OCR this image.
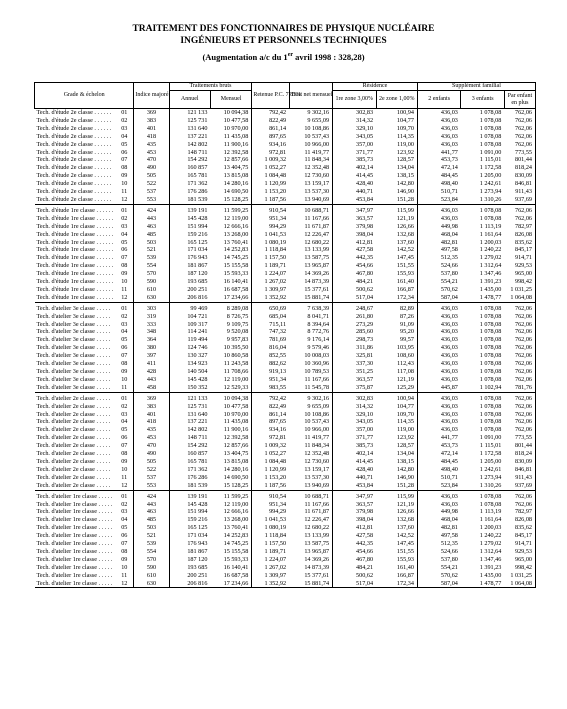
TRAITEMENT DES FONCTIONNAIRES DE PHYSIQUE NUCLÉAIRE
INGÉNIEURS ET PERSONNELS TECHNIQUES
(Augmentation a/c du 1er avril 1998 : 328,28)
Grade & échelon		Indice majoré	Traitements bruts		Retenue P.C. 7,85%	Trait net mensuel	Résidence		Supplément familial		
			Annuel	Mensuel			1re zone 3,00%	2e zone 1,00%	2 enfants	3 enfants	Par enfant en plus
Tech. d'étude 2e classe . . . . . .	01	369	121 133	10 094,38	792,42	9 302,16	302,83	100,94	436,03	1 078,08	762,06
Tech. d'étude 2e classe . . . . . .	02	383	125 731	10 477,58	822,49	9 655,09	314,32	104,77	436,03	1 078,08	762,06
Tech. d'étude 2e classe . . . . . .	03	401	131 640	10 970,00	861,14	10 108,86	329,10	109,70	436,03	1 078,08	762,06
Tech. d'étude 2e classe . . . . . .	04	418	137 221	11 435,08	897,65	10 537,43	343,05	114,35	436,03	1 078,08	762,06
Tech. d'étude 2e classe . . . . . .	05	435	142 802	11 900,16	934,16	10 966,00	357,00	119,00	436,03	1 078,08	762,06
Tech. d'étude 2e classe . . . . . .	06	453	148 711	12 392,58	972,81	11 419,77	371,77	123,92	441,77	1 091,00	773,55
Tech. d'étude 2e classe . . . . . .	07	470	154 292	12 857,66	1 009,32	11 848,34	385,73	128,57	453,73	1 115,01	801,44
Tech. d'étude 2e classe . . . . . .	08	490	160 857	13 404,75	1 052,27	12 352,48	402,14	134,04	472,14	1 172,58	818,24
Tech. d'étude 2e classe . . . . . .	09	505	165 781	13 815,08	1 084,48	12 730,60	414,45	138,15	484,45	1 205,00	830,09
Tech. d'étude 2e classe . . . . . .	10	522	171 362	14 280,16	1 120,99	13 159,17	428,40	142,80	498,40	1 242,61	846,81
Tech. d'étude 2e classe . . . . . .	11	537	176 286	14 690,50	1 153,20	13 537,30	440,71	146,90	510,71	1 273,94	911,43
Tech. d'étude 2e classe . . . . . .	12	553	181 539	15 128,25	1 187,56	13 940,69	453,84	151,28	523,84	1 310,26	937,69
Tech. d'étude 1re classe . . . . . .	01	424	139 191	11 599,25	910,54	10 688,71	347,97	115,99	436,03	1 078,08	762,06
Tech. d'étude 1re classe . . . . . .	02	443	145 428	12 119,00	951,34	11 167,66	363,57	121,19	436,03	1 078,08	762,06
Tech. d'étude 1re classe . . . . . .	03	463	151 994	12 666,16	994,29	11 671,87	379,98	126,66	449,98	1 113,19	782,97
Tech. d'étude 1re classe . . . . . .	04	485	159 216	13 268,00	1 041,53	12 226,47	398,04	132,68	468,04	1 161,64	826,08
Tech. d'étude 1re classe . . . . . .	05	503	165 125	13 760,41	1 080,19	12 680,22	412,81	137,60	482,81	1 200,03	835,62
Tech. d'étude 1re classe . . . . . .	06	521	171 034	14 252,83	1 118,84	13 133,99	427,58	142,52	497,58	1 240,22	845,17
Tech. d'étude 1re classe . . . . . .	07	539	176 943	14 745,25	1 157,50	13 587,75	442,35	147,45	512,35	1 279,02	914,71
Tech. d'étude 1re classe . . . . . .	08	554	181 867	15 155,58	1 189,71	13 965,87	454,66	151,55	524,66	1 312,64	929,53
Tech. d'étude 1re classe . . . . . .	09	570	187 120	15 593,33	1 224,07	14 369,26	467,80	155,93	537,80	1 347,46	965,00
Tech. d'étude 1re classe . . . . . .	10	590	193 685	16 140,41	1 267,02	14 873,39	484,21	161,40	554,21	1 391,23	998,42
Tech. d'étude 1re classe . . . . . .	11	610	200 251	16 687,58	1 309,97	15 377,61	500,62	166,87	570,62	1 435,00	1 031,25
Tech. d'étude 1re classe . . . . . .	12	630	206 816	17 234,66	1 352,92	15 881,74	517,04	172,34	587,04	1 478,77	1 064,08
Tech. d'atelier 3e classe . . . . .	01	303	99 469	8 289,08	650,69	7 638,39	248,67	82,89	436,03	1 078,08	762,06
Tech. d'atelier 3e classe . . . . .	02	319	104 721	8 726,75	685,04	8 041,71	261,80	87,26	436,03	1 078,08	762,06
Tech. d'atelier 3e classe . . . . .	03	333	109 317	9 109,75	715,11	8 394,64	273,29	91,09	436,03	1 078,08	762,06
Tech. d'atelier 3e classe . . . . .	04	348	114 241	9 520,08	747,32	8 772,76	285,60	95,20	436,03	1 078,08	762,06
Tech. d'atelier 3e classe . . . . .	05	364	119 494	9 957,83	781,69	9 176,14	298,73	99,57	436,03	1 078,08	762,06
Tech. d'atelier 3e classe . . . . .	06	380	124 746	10 395,50	816,04	9 579,46	311,86	103,95	436,03	1 078,08	762,06
Tech. d'atelier 3e classe . . . . .	07	397	130 327	10 860,58	852,55	10 008,03	325,81	108,60	436,03	1 078,08	762,06
Tech. d'atelier 3e classe . . . . .	08	411	134 923	11 243,58	882,62	10 360,96	337,30	112,43	436,03	1 078,08	762,06
Tech. d'atelier 3e classe . . . . .	09	428	140 504	11 708,66	919,13	10 789,53	351,25	117,08	436,03	1 078,08	762,06
Tech. d'atelier 3e classe . . . . .	10	443	145 428	12 119,00	951,34	11 167,66	363,57	121,19	436,03	1 078,08	762,06
Tech. d'atelier 3e classe . . . . .	11	458	150 352	12 529,33	983,55	11 545,78	375,87	125,29	445,87	1 102,94	781,76
Tech. d'atelier 2e classe . . . . .	01	369	121 133	10 094,38	792,42	9 302,16	302,83	100,94	436,03	1 078,08	762,06
Tech. d'atelier 2e classe . . . . .	02	383	125 731	10 477,58	822,49	9 655,09	314,32	104,77	436,03	1 078,08	762,06
Tech. d'atelier 2e classe . . . . .	03	401	131 640	10 970,00	861,14	10 108,86	329,10	109,70	436,03	1 078,08	762,06
Tech. d'atelier 2e classe . . . . .	04	418	137 221	11 435,08	897,65	10 537,43	343,05	114,35	436,03	1 078,08	762,06
Tech. d'atelier 2e classe . . . . .	05	435	142 802	11 900,16	934,16	10 966,00	357,00	119,00	436,03	1 078,08	762,06
Tech. d'atelier 2e classe . . . . .	06	453	148 711	12 392,58	972,81	11 419,77	371,77	123,92	441,77	1 091,00	773,55
Tech. d'atelier 2e classe . . . . .	07	470	154 292	12 857,66	1 009,32	11 848,34	385,73	128,57	453,73	1 115,01	801,44
Tech. d'atelier 2e classe . . . . .	08	490	160 857	13 404,75	1 052,27	12 352,48	402,14	134,04	472,14	1 172,58	818,24
Tech. d'atelier 2e classe . . . . .	09	505	165 781	13 815,08	1 084,48	12 730,60	414,45	138,15	484,45	1 205,00	830,09
Tech. d'atelier 2e classe . . . . .	10	522	171 362	14 280,16	1 120,99	13 159,17	428,40	142,80	498,40	1 242,61	846,81
Tech. d'atelier 2e classe . . . . .	11	537	176 286	14 690,50	1 153,20	13 537,30	440,71	146,90	510,71	1 273,94	911,43
Tech. d'atelier 2e classe . . . . .	12	553	181 539	15 128,25	1 187,56	13 940,69	453,84	151,28	523,84	1 310,26	937,69
Tech. d'atelier 1re classe . . . . .	01	424	139 191	11 599,25	910,54	10 688,71	347,97	115,99	436,03	1 078,08	762,06
Tech. d'atelier 1re classe . . . . .	02	443	145 428	12 119,00	951,34	11 167,66	363,57	121,19	436,03	1 078,08	762,06
Tech. d'atelier 1re classe . . . . .	03	463	151 994	12 666,16	994,29	11 671,87	379,98	126,66	449,98	1 113,19	782,97
Tech. d'atelier 1re classe . . . . .	04	485	159 216	13 268,00	1 041,53	12 226,47	398,04	132,68	468,04	1 161,64	826,08
Tech. d'atelier 1re classe . . . . .	05	503	165 125	13 760,41	1 080,19	12 680,22	412,81	137,60	482,81	1 200,03	835,62
Tech. d'atelier 1re classe . . . . .	06	521	171 034	14 252,83	1 118,84	13 133,99	427,58	142,52	497,58	1 240,22	845,17
Tech. d'atelier 1re classe . . . . .	07	539	176 943	14 745,25	1 157,50	13 587,75	442,35	147,45	512,35	1 279,02	914,71
Tech. d'atelier 1re classe . . . . .	08	554	181 867	15 155,58	1 189,71	13 965,87	454,66	151,55	524,66	1 312,64	929,53
Tech. d'atelier 1re classe . . . . .	09	570	187 120	15 593,33	1 224,07	14 369,26	467,80	155,93	537,80	1 347,46	965,00
Tech. d'atelier 1re classe . . . . .	10	590	193 685	16 140,41	1 267,02	14 873,39	484,21	161,40	554,21	1 391,23	998,42
Tech. d'atelier 1re classe . . . . .	11	610	200 251	16 687,58	1 309,97	15 377,61	500,62	166,87	570,62	1 435,00	1 031,25
Tech. d'atelier 1re classe . . . . .	12	630	206 816	17 234,66	1 352,92	15 881,74	517,04	172,34	587,04	1 478,77	1 064,08
